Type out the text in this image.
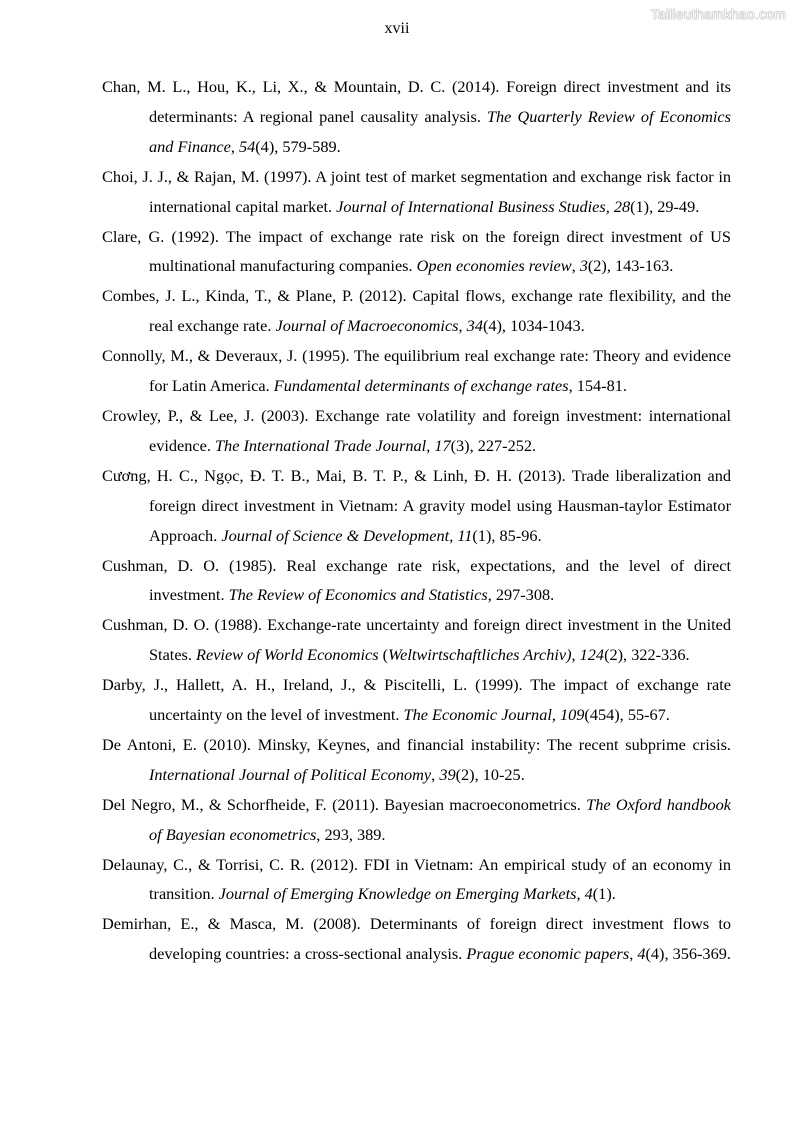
Tailieuthamkhao.com
xvii
Chan, M. L., Hou, K., Li, X., & Mountain, D. C. (2014). Foreign direct investment and its determinants: A regional panel causality analysis. The Quarterly Review of Economics and Finance, 54(4), 579-589.
Choi, J. J., & Rajan, M. (1997). A joint test of market segmentation and exchange risk factor in international capital market. Journal of International Business Studies, 28(1), 29-49.
Clare, G. (1992). The impact of exchange rate risk on the foreign direct investment of US multinational manufacturing companies. Open economies review, 3(2), 143-163.
Combes, J. L., Kinda, T., & Plane, P. (2012). Capital flows, exchange rate flexibility, and the real exchange rate. Journal of Macroeconomics, 34(4), 1034-1043.
Connolly, M., & Deveraux, J. (1995). The equilibrium real exchange rate: Theory and evidence for Latin America. Fundamental determinants of exchange rates, 154-81.
Crowley, P., & Lee, J. (2003). Exchange rate volatility and foreign investment: international evidence. The International Trade Journal, 17(3), 227-252.
Cương, H. C., Ngọc, Đ. T. B., Mai, B. T. P., & Linh, Đ. H. (2013). Trade liberalization and foreign direct investment in Vietnam: A gravity model using Hausman-taylor Estimator Approach. Journal of Science & Development, 11(1), 85-96.
Cushman, D. O. (1985). Real exchange rate risk, expectations, and the level of direct investment. The Review of Economics and Statistics, 297-308.
Cushman, D. O. (1988). Exchange-rate uncertainty and foreign direct investment in the United States. Review of World Economics (Weltwirtschaftliches Archiv), 124(2), 322-336.
Darby, J., Hallett, A. H., Ireland, J., & Piscitelli, L. (1999). The impact of exchange rate uncertainty on the level of investment. The Economic Journal, 109(454), 55-67.
De Antoni, E. (2010). Minsky, Keynes, and financial instability: The recent subprime crisis. International Journal of Political Economy, 39(2), 10-25.
Del Negro, M., & Schorfheide, F. (2011). Bayesian macroeconometrics. The Oxford handbook of Bayesian econometrics, 293, 389.
Delaunay, C., & Torrisi, C. R. (2012). FDI in Vietnam: An empirical study of an economy in transition. Journal of Emerging Knowledge on Emerging Markets, 4(1).
Demirhan, E., & Masca, M. (2008). Determinants of foreign direct investment flows to developing countries: a cross-sectional analysis. Prague economic papers, 4(4), 356-369.
